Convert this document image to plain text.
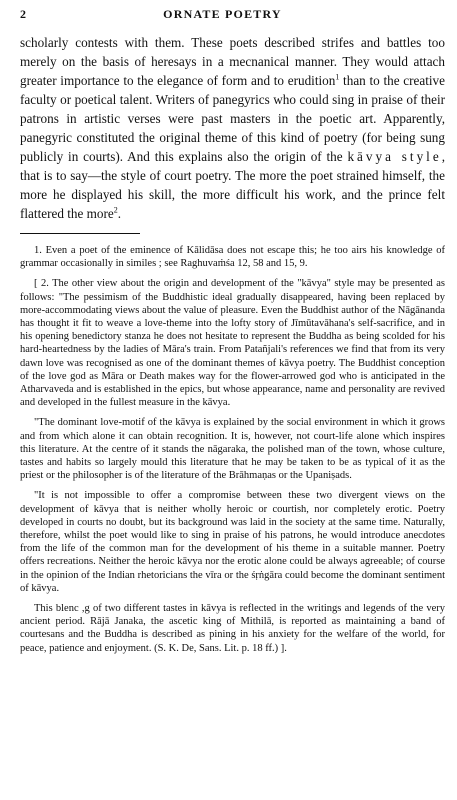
2	ORNATE POETRY

scholarly contests with them. These poets described strifes and battles too merely on the basis of heresays in a mecnanical manner. They would attach greater importance to the elegance of form and to erudition$^1$ than to the creative faculty or poetical talent. Writers of panegyrics who could sing in praise of their patrons in artistic verses were past masters in the poetic art. Apparently, panegyric constituted the original theme of this kind of poetry (for being sung publicly in courts). And this explains also the origin of the kāvya style, that is to say—the style of court poetry. The more the poet strained himself, the more he displayed his skill, the more difficult his work, and the prince felt flattered the more$^2$.

1. Even a poet of the eminence of Kālidāsa does not escape this; he too airs his knowledge of grammar occasionally in similes ; see Raghuvaṁśa 12, 58 and 15, 9.

[ 2. The other view about the origin and development of the "kāvya" style may be presented as follows: "The pessimism of the Buddhistic ideal gradually disappeared, having been replaced by more-accommodating views about the value of pleasure. Even the Buddhist author of the Nāgānanda has thought it fit to weave a love-theme into the lofty story of Jīmūtavāhana's self-sacrifice, and in his opening benedictory stanza he does not hesitate to represent the Buddha as being scolded for his hard-heartedness by the ladies of Māra's train. From Patañjali's references we find that from its very dawn love was recognised as one of the dominant themes of kāvya poetry. The Buddhist conception of the love god as Māra or Death makes way for the flower-arrowed god who is anticipated in the Atharvaveda and is established in the epics, but whose appearance, name and personality are revived and developed in the fullest measure in the kāvya.

"The dominant love-motif of the kāvya is explained by the social environment in which it grows and from which alone it can obtain recognition. It is, however, not court-life alone which inspires this literature. At the centre of it stands the nāgaraka, the polished man of the town, whose culture, tastes and habits so largely mould this literature that he may be taken to be as typical of it as the priest or the philosopher is of the literature of the Brāhmaṇas or the Upaniṣads.

"It is not impossible to offer a compromise between these two divergent views on the development of kāvya that is neither wholly heroic or courtish, nor completely erotic. Poetry developed in courts no doubt, but its background was laid in the society at the same time. Naturally, therefore, whilst the poet would like to sing in praise of his patrons, he would introduce anecdotes from the life of the common man for the development of his theme in a suitable manner. Poetry offers recreations. Neither the heroic kāvya nor the erotic alone could be always agreeable; of course in the opinion of the Indian rhetoricians the vīra or the śṛṅgāra could become the dominant sentiment of kāvya.

This blenc ,g of two different tastes in kāvya is reflected in the writings and legends of the very ancient period. Rājā Janaka, the ascetic king of Mithilā, is reported as maintaining a band of courtesans and the Buddha is described as pining in his anxiety for the welfare of the world, for peace, patience and enjoyment. (S. K. De, Sans. Lit. p. 18 ff.) ].
